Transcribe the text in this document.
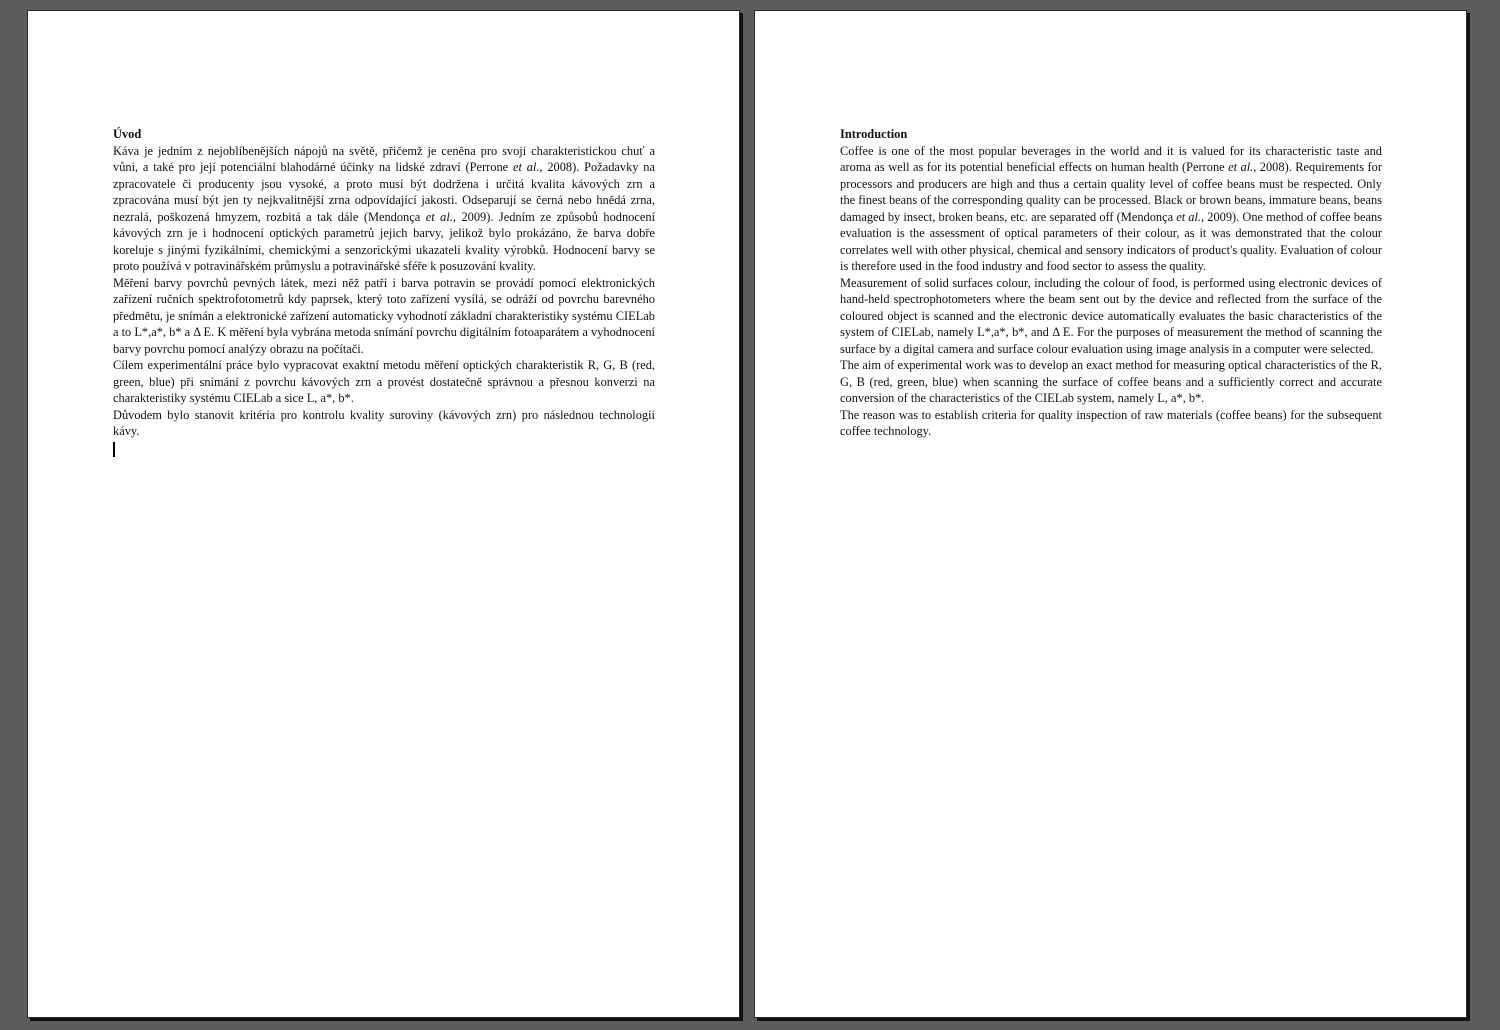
Úvod

Káva je jedním z nejoblíbenějších nápojů na světě, přičemž je ceněna pro svoji charakteristickou chuť a vůni, a také pro její potenciální blahodárné účinky na lidské zdraví (Perrone et al., 2008). Požadavky na zpracovatele či producenty jsou vysoké, a proto musí být dodržena i určitá kvalita kávových zrn a zpracována musí být jen ty nejkvalitnější zrna odpovídající jakosti. Odseparují se černá nebo hnědá zrna, nezralá, poškozená hmyzem, rozbitá a tak dále (Mendonça et al., 2009). Jedním ze způsobů hodnocení kávových zrn je i hodnocení optických parametrů jejich barvy, jelikož bylo prokázáno, že barva dobře koreluje s jinými fyzikálními, chemickými a senzorickými ukazateli kvality výrobků. Hodnocení barvy se proto používá v potravinářském průmyslu a potravinářské sféře k posuzování kvality.

Měření barvy povrchů pevných látek, mezi něž patří i barva potravin se provádí pomocí elektronických zařízení ručních spektrofotometrů kdy paprsek, který toto zařízení vysílá, se odráží od povrchu barevného předmětu, je snímán a elektronické zařízení automaticky vyhodnotí základní charakteristiky systému CIELab a to L*,a*, b* a Δ E. K měření byla vybrána metoda snímání povrchu digitálním fotoaparátem a vyhodnocení barvy povrchu pomocí analýzy obrazu na počítači.

Cílem experimentální práce bylo vypracovat exaktní metodu měření optických charakteristik R, G, B (red, green, blue) při snímání z povrchu kávových zrn a provést dostatečně správnou a přesnou konverzi na charakteristiky systému CIELab a sice L, a*, b*.

Důvodem bylo stanovit kritéria pro kontrolu kvality suroviny (kávových zrn) pro následnou technologii kávy.

Introduction

Coffee is one of the most popular beverages in the world and it is valued for its characteristic taste and aroma as well as for its potential beneficial effects on human health (Perrone et al., 2008). Requirements for processors and producers are high and thus a certain quality level of coffee beans must be respected. Only the finest beans of the corresponding quality can be processed. Black or brown beans, immature beans, beans damaged by insect, broken beans, etc. are separated off (Mendonça et al., 2009). One method of coffee beans evaluation is the assessment of optical parameters of their colour, as it was demonstrated that the colour correlates well with other physical, chemical and sensory indicators of product's quality. Evaluation of colour is therefore used in the food industry and food sector to assess the quality.

Measurement of solid surfaces colour, including the colour of food, is performed using electronic devices of hand-held spectrophotometers where the beam sent out by the device and reflected from the surface of the coloured object is scanned and the electronic device automatically evaluates the basic characteristics of the system of CIELab, namely L*,a*, b*, and Δ E. For the purposes of measurement the method of scanning the surface by a digital camera and surface colour evaluation using image analysis in a computer were selected.

The aim of experimental work was to develop an exact method for measuring optical characteristics of the R, G, B (red, green, blue) when scanning the surface of coffee beans and a sufficiently correct and accurate conversion of the characteristics of the CIELab system, namely L, a*, b*.

The reason was to establish criteria for quality inspection of raw materials (coffee beans) for the subsequent coffee technology.
